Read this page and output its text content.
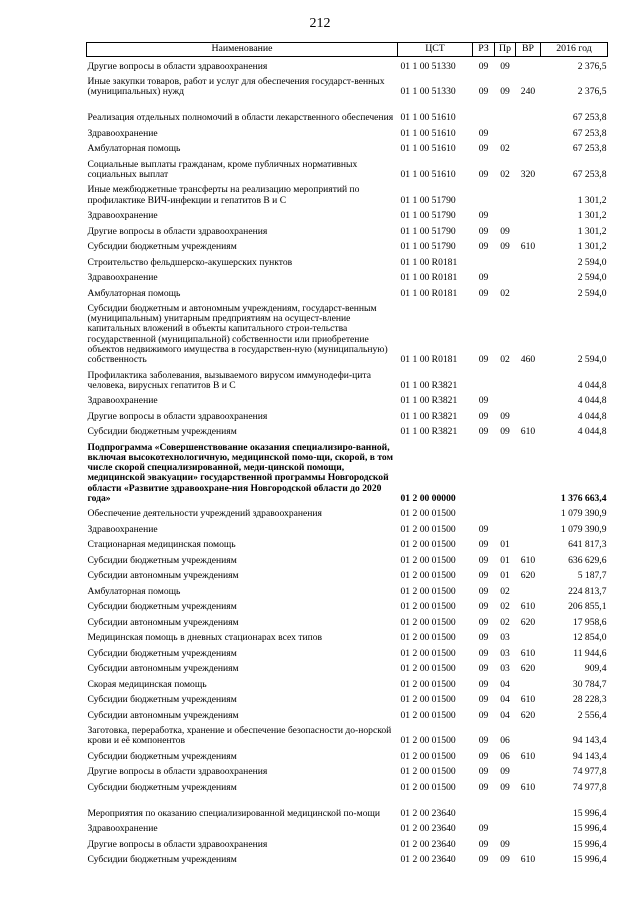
212
Наименование	ЦСТ	РЗ	Пр	ВР	2016 год
Другие вопросы в области здравоохранения	01 1 00 51330	09	09		2 376,5
Иные закупки товаров, работ и услуг для обеспечения государст-венных (муниципальных) нужд	01 1 00 51330	09	09	240	2 376,5
Реализация отдельных полномочий в области лекарственного обеспечения	01 1 00 51610				67 253,8
Здравоохранение	01 1 00 51610	09			67 253,8
Амбулаторная помощь	01 1 00 51610	09	02		67 253,8
Социальные выплаты гражданам, кроме публичных нормативных социальных выплат	01 1 00 51610	09	02	320	67 253,8
Иные межбюджетные трансферты на реализацию мероприятий по профилактике ВИЧ-инфекции и гепатитов В и С	01 1 00 51790				1 301,2
Здравоохранение	01 1 00 51790	09			1 301,2
Другие вопросы в области здравоохранения	01 1 00 51790	09	09		1 301,2
Субсидии бюджетным учреждениям	01 1 00 51790	09	09	610	1 301,2
Строительство фельдшерско-акушерских пунктов	01 1 00 R0181				2 594,0
Здравоохранение	01 1 00 R0181	09			2 594,0
Амбулаторная помощь	01 1 00 R0181	09	02		2 594,0
Субсидии бюджетным и автономным учреждениям, государст-венным (муниципальным) унитарным предприятиям на осущест-вление капитальных вложений в объекты капитального строи-тельства государственной (муниципальной) собственности или приобретение объектов недвижимого имущества в государствен-ную (муниципальную) собственность	01 1 00 R0181	09	02	460	2 594,0
Профилактика заболевания, вызываемого вирусом иммунодефи-цита человека, вирусных гепатитов В и С	01 1 00 R3821				4 044,8
Здравоохранение	01 1 00 R3821	09			4 044,8
Другие вопросы в области здравоохранения	01 1 00 R3821	09	09		4 044,8
Субсидии бюджетным учреждениям	01 1 00 R3821	09	09	610	4 044,8
Подпрограмма «Совершенствование оказания специализиро-ванной, включая высокотехнологичную, медицинской помо-щи, скорой, в том числе скорой специализированной, меди-цинской помощи, медицинской эвакуации» государственной программы Новгородской области «Развитие здравоохране-ния Новгородской области до 2020 года»	01 2 00 00000				1 376 663,4
Обеспечение деятельности учреждений здравоохранения	01 2 00 01500				1 079 390,9
Здравоохранение	01 2 00 01500	09			1 079 390,9
Стационарная медицинская помощь	01 2 00 01500	09	01		641 817,3
Субсидии бюджетным учреждениям	01 2 00 01500	09	01	610	636 629,6
Субсидии автономным учреждениям	01 2 00 01500	09	01	620	5 187,7
Амбулаторная помощь	01 2 00 01500	09	02		224 813,7
Субсидии бюджетным учреждениям	01 2 00 01500	09	02	610	206 855,1
Субсидии автономным учреждениям	01 2 00 01500	09	02	620	17 958,6
Медицинская помощь в дневных стационарах всех типов	01 2 00 01500	09	03		12 854,0
Субсидии бюджетным учреждениям	01 2 00 01500	09	03	610	11 944,6
Субсидии автономным учреждениям	01 2 00 01500	09	03	620	909,4
Скорая медицинская помощь	01 2 00 01500	09	04		30 784,7
Субсидии бюджетным учреждениям	01 2 00 01500	09	04	610	28 228,3
Субсидии автономным учреждениям	01 2 00 01500	09	04	620	2 556,4
Заготовка, переработка, хранение и обеспечение безопасности до-норской крови и её компонентов	01 2 00 01500	09	06		94 143,4
Субсидии бюджетным учреждениям	01 2 00 01500	09	06	610	94 143,4
Другие вопросы в области здравоохранения	01 2 00 01500	09	09		74 977,8
Субсидии бюджетным учреждениям	01 2 00 01500	09	09	610	74 977,8
Мероприятия по оказанию специализированной медицинской по-мощи	01 2 00 23640				15 996,4
Здравоохранение	01 2 00 23640	09			15 996,4
Другие вопросы в области здравоохранения	01 2 00 23640	09	09		15 996,4
Субсидии бюджетным учреждениям	01 2 00 23640	09	09	610	15 996,4
